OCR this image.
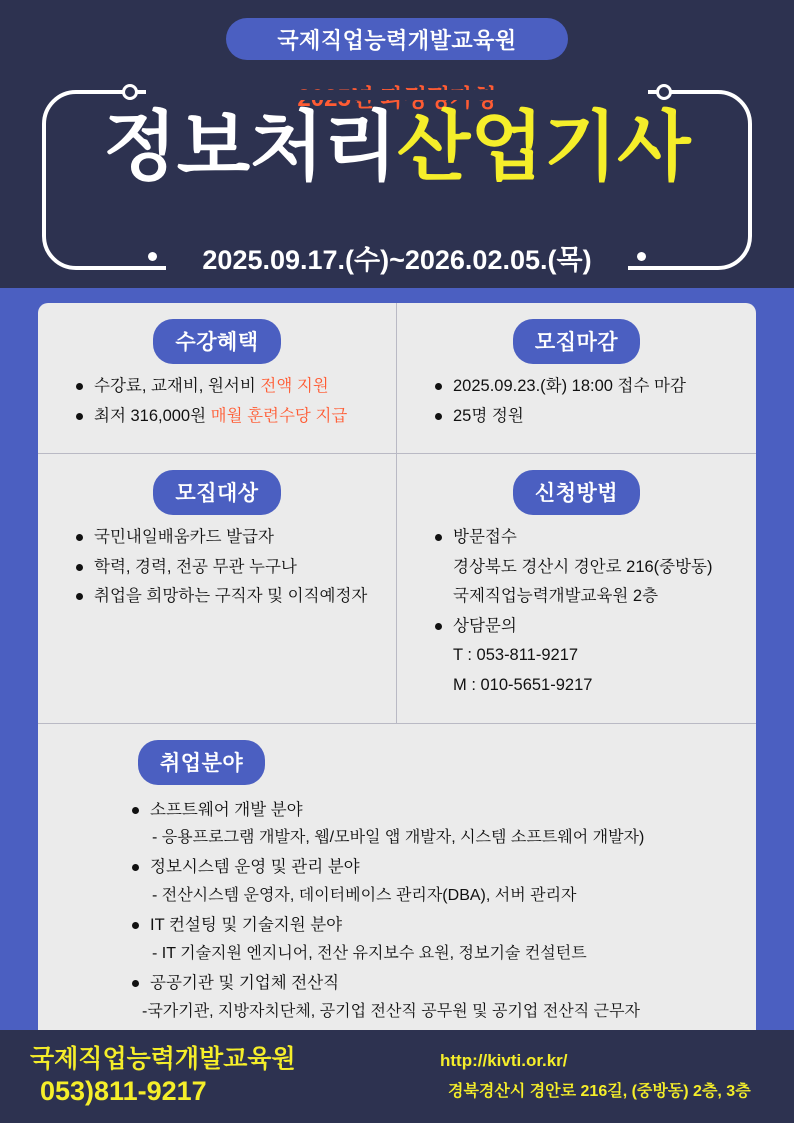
국제직업능력개발교육원
정보처리산업기사
2025.09.17.(수)~2026.02.05.(목)
수강혜택
수강료, 교재비, 원서비 전액 지원
최저 316,000원 매월 훈련수당 지급
모집마감
2025.09.23.(화) 18:00 접수 마감
25명 정원
모집대상
국민내일배움카드 발급자
학력, 경력, 전공 무관 누구나
취업을 희망하는 구직자 및 이직예정자
신청방법
방문접수
경상북도 경산시 경안로 216(중방동)
국제직업능력개발교육원 2층
상담문의
T : 053-811-9217
M : 010-5651-9217
취업분야
소프트웨어 개발 분야
- 응용프로그램 개발자, 웹/모바일 앱 개발자, 시스템 소프트웨어 개발자)
정보시스템 운영 및 관리 분야
- 전산시스템 운영자, 데이터베이스 관리자(DBA), 서버 관리자
IT 컨설팅 및 기술지원 분야
- IT 기술지원 엔지니어, 전산 유지보수 요원, 정보기술 컨설턴트
공공기관 및 기업체 전산직
-국가기관, 지방자치단체, 공기업 전산직 공무원 및 공기업 전산직 근무자
국제직업능력개발교육원
053)811-9217
http://kivti.or.kr/
경북경산시 경안로 216길, (중방동) 2층, 3층
